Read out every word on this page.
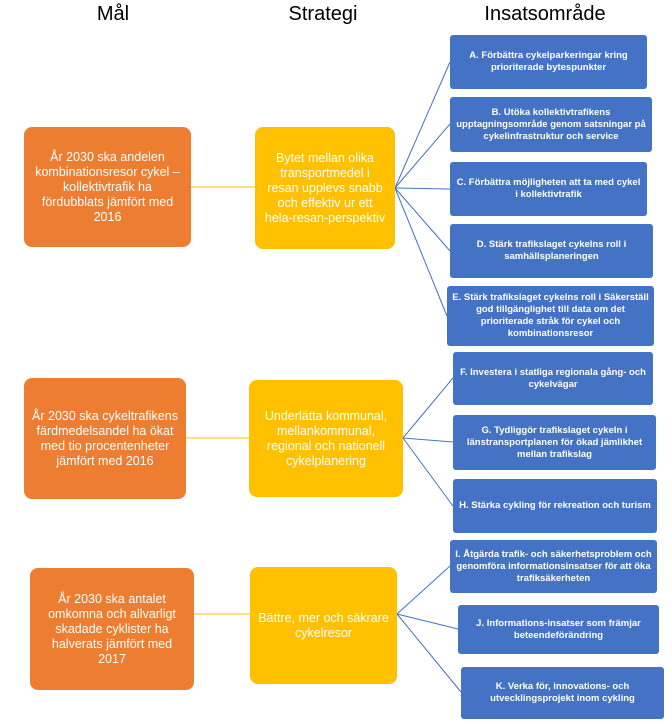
Mål	Strategi	Insatsområde
År 2030 ska andelen kombinationsresor cykel – kollektivtrafik ha fördubblats jämfört med 2016
År 2030 ska cykeltrafikens färdmedelsandel ha ökat med tio procentenheter jämfört med 2016
År 2030 ska antalet omkomna och allvarligt skadade cyklister ha halverats jämfört med 2017
Bytet mellan olika transportmedel i resan upplevs snabb och effektiv ur ett hela-resan-perspektiv
Underlätta kommunal, mellankommunal, regional och nationell cykelplanering
Bättre, mer och säkrare cykelresor
A. Förbättra cykelparkeringar kring prioriterade bytespunkter
B. Utöka kollektivtrafikens upptagningsområde genom satsningar på cykelinfrastruktur och service
C. Förbättra möjligheten att ta med cykel i kollektivtrafik
D. Stärk trafikslaget cykelns roll i samhällsplaneringen
E. Stärk trafikslaget cykelns roll i Säkerställ god tillgänglighet till data om det prioriterade stråk för cykel och kombinationsresor
F. Investera i statliga regionala gång- och cykelvägar
G. Tydliggör trafikslaget cykeln i länstransportplanen för ökad jämlikhet mellan trafikslag
H. Stärka cykling för rekreation och turism
I. Åtgärda trafik- och säkerhetsproblem och genomföra informationsinsatser för att öka trafiksäkerheten
J. Informations-insatser som främjar beteendeförändring
K. Verka för, innovations- och utvecklingsprojekt inom cykling
